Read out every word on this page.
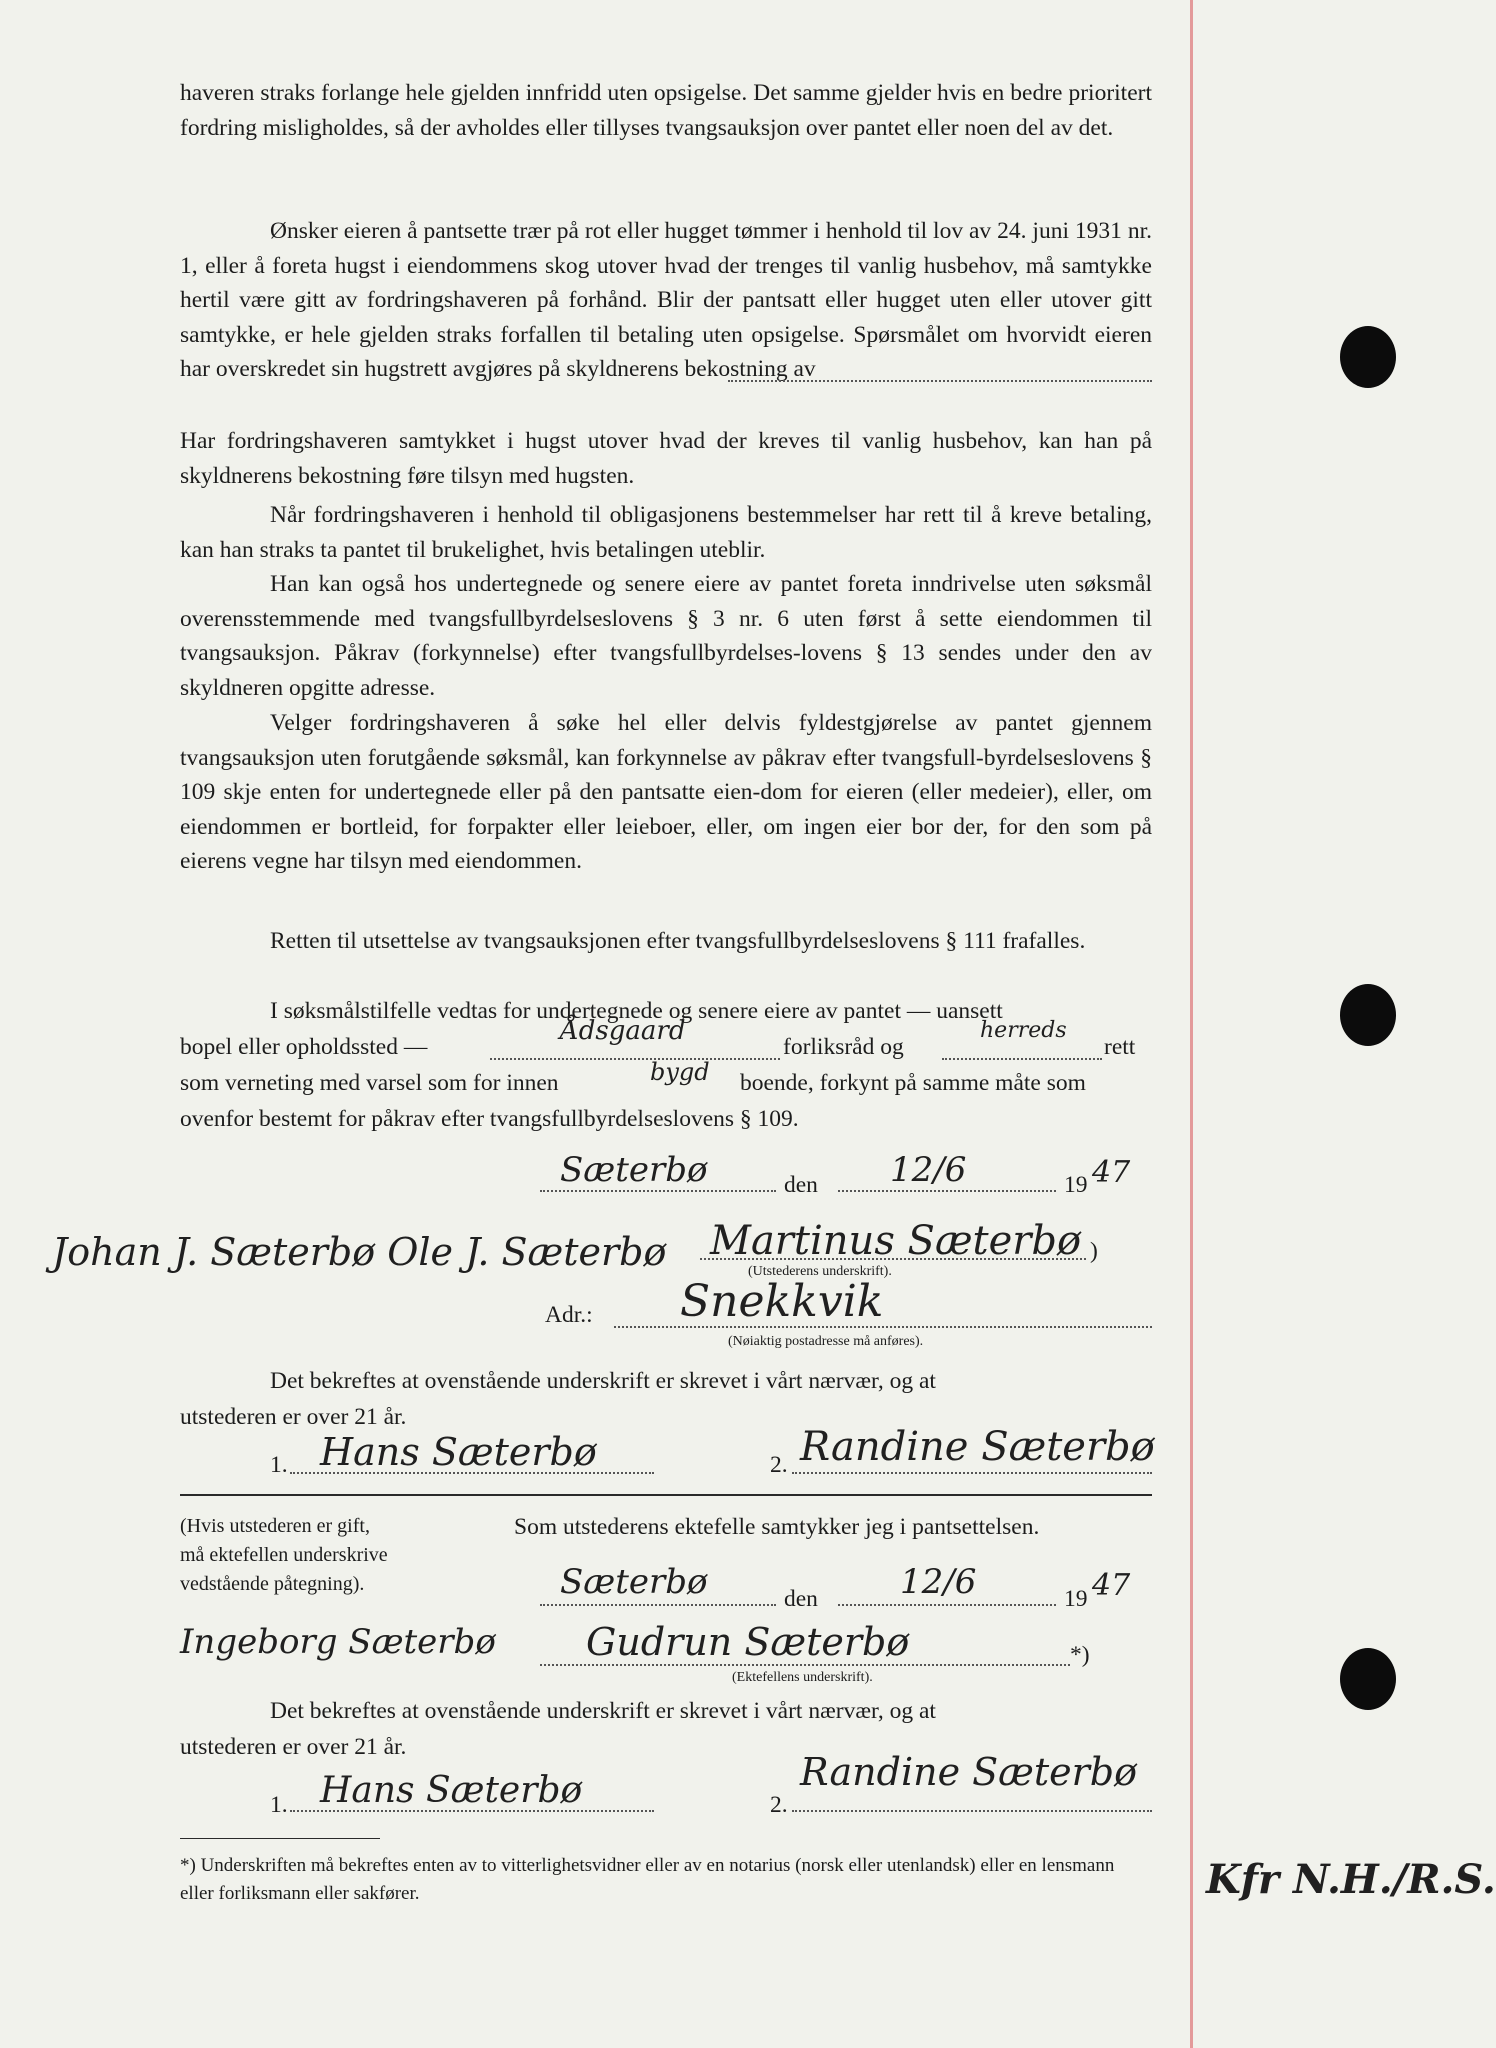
haveren straks forlange hele gjelden innfridd uten opsigelse. Det samme gjelder hvis en bedre prioritert fordring misligholdes, så der avholdes eller tillyses tvangsauksjon over pantet eller noen del av det.

Ønsker eieren å pantsette trær på rot eller hugget tømmer i henhold til lov av 24. juni 1931 nr. 1, eller å foreta hugst i eiendommens skog utover hvad der trenges til vanlig husbehov, må samtykke hertil være gitt av fordringshaveren på forhånd. Blir der pantsatt eller hugget uten eller utover gitt samtykke, er hele gjelden straks forfallen til betaling uten opsigelse. Spørsmålet om hvorvidt eieren har overskredet sin hugstrett avgjøres på skyldnerens bekostning av

Har fordringshaveren samtykket i hugst utover hvad der kreves til vanlig husbehov, kan han på skyldnerens bekostning føre tilsyn med hugsten.

Når fordringshaveren i henhold til obligasjonens bestemmelser har rett til å kreve betaling, kan han straks ta pantet til brukelighet, hvis betalingen uteblir.

Han kan også hos undertegnede og senere eiere av pantet foreta inndrivelse uten søksmål overensstemmende med tvangsfullbyrdelseslovens § 3 nr. 6 uten først å sette eiendommen til tvangsauksjon. Påkrav (forkynnelse) efter tvangsfullbyrdelses-lovens § 13 sendes under den av skyldneren opgitte adresse.

Velger fordringshaveren å søke hel eller delvis fyldestgjørelse av pantet gjennem tvangsauksjon uten forutgående søksmål, kan forkynnelse av påkrav efter tvangsfull-byrdelseslovens § 109 skje enten for undertegnede eller på den pantsatte eien-dom for eieren (eller medeier), eller, om eiendommen er bortleid, for forpakter eller leieboer, eller, om ingen eier bor der, for den som på eierens vegne har tilsyn med eiendommen.

Retten til utsettelse av tvangsauksjonen efter tvangsfullbyrdelseslovens § 111 frafalles.

I søksmålstilfelle vedtas for undertegnede og senere eiere av pantet — uansett
bopel eller opholdssted —
Ådsgaard
forliksråd og
herreds
rett
som verneting med varsel som for innen	bygd boende, forkynt på samme måte som
ovenfor bestemt for påkrav efter tvangsfullbyrdelseslovens § 109.
Sæterbø	den 12/6	19 47
Johan J. Sæterbø Ole J. Sæterbø Martinus Sæterbø )
(Utstederens underskrift).
Adr.: Snekkvik
(Nøiaktig postadresse må anføres).
Det bekreftes at ovenstående underskrift er skrevet i vårt nærvær, og at
utstederen er over 21 år.
1. Hans Sæterbø	2. Randine Sæterbø
(Hvis utstederen er gift,
må ektefellen underskrive
vedstående påtegning).
Som utstederens ektefelle samtykker jeg i pantsettelsen.
Sæterbø	den 12/6	19 47
Ingeborg Sæterbø Gudrun Sæterbø	*)
(Ektefellens underskrift).
Det bekreftes at ovenstående underskrift er skrevet i vårt nærvær, og at
utstederen er over 21 år.
1. Hans Sæterbø	2.
Randine Sæterbø
*) Underskriften må bekreftes enten av to vitterlighetsvidner eller av en notarius (norsk eller utenlandsk) eller en lensmann eller forliksmann eller sakfører.	Kfr N.H./R.S.
